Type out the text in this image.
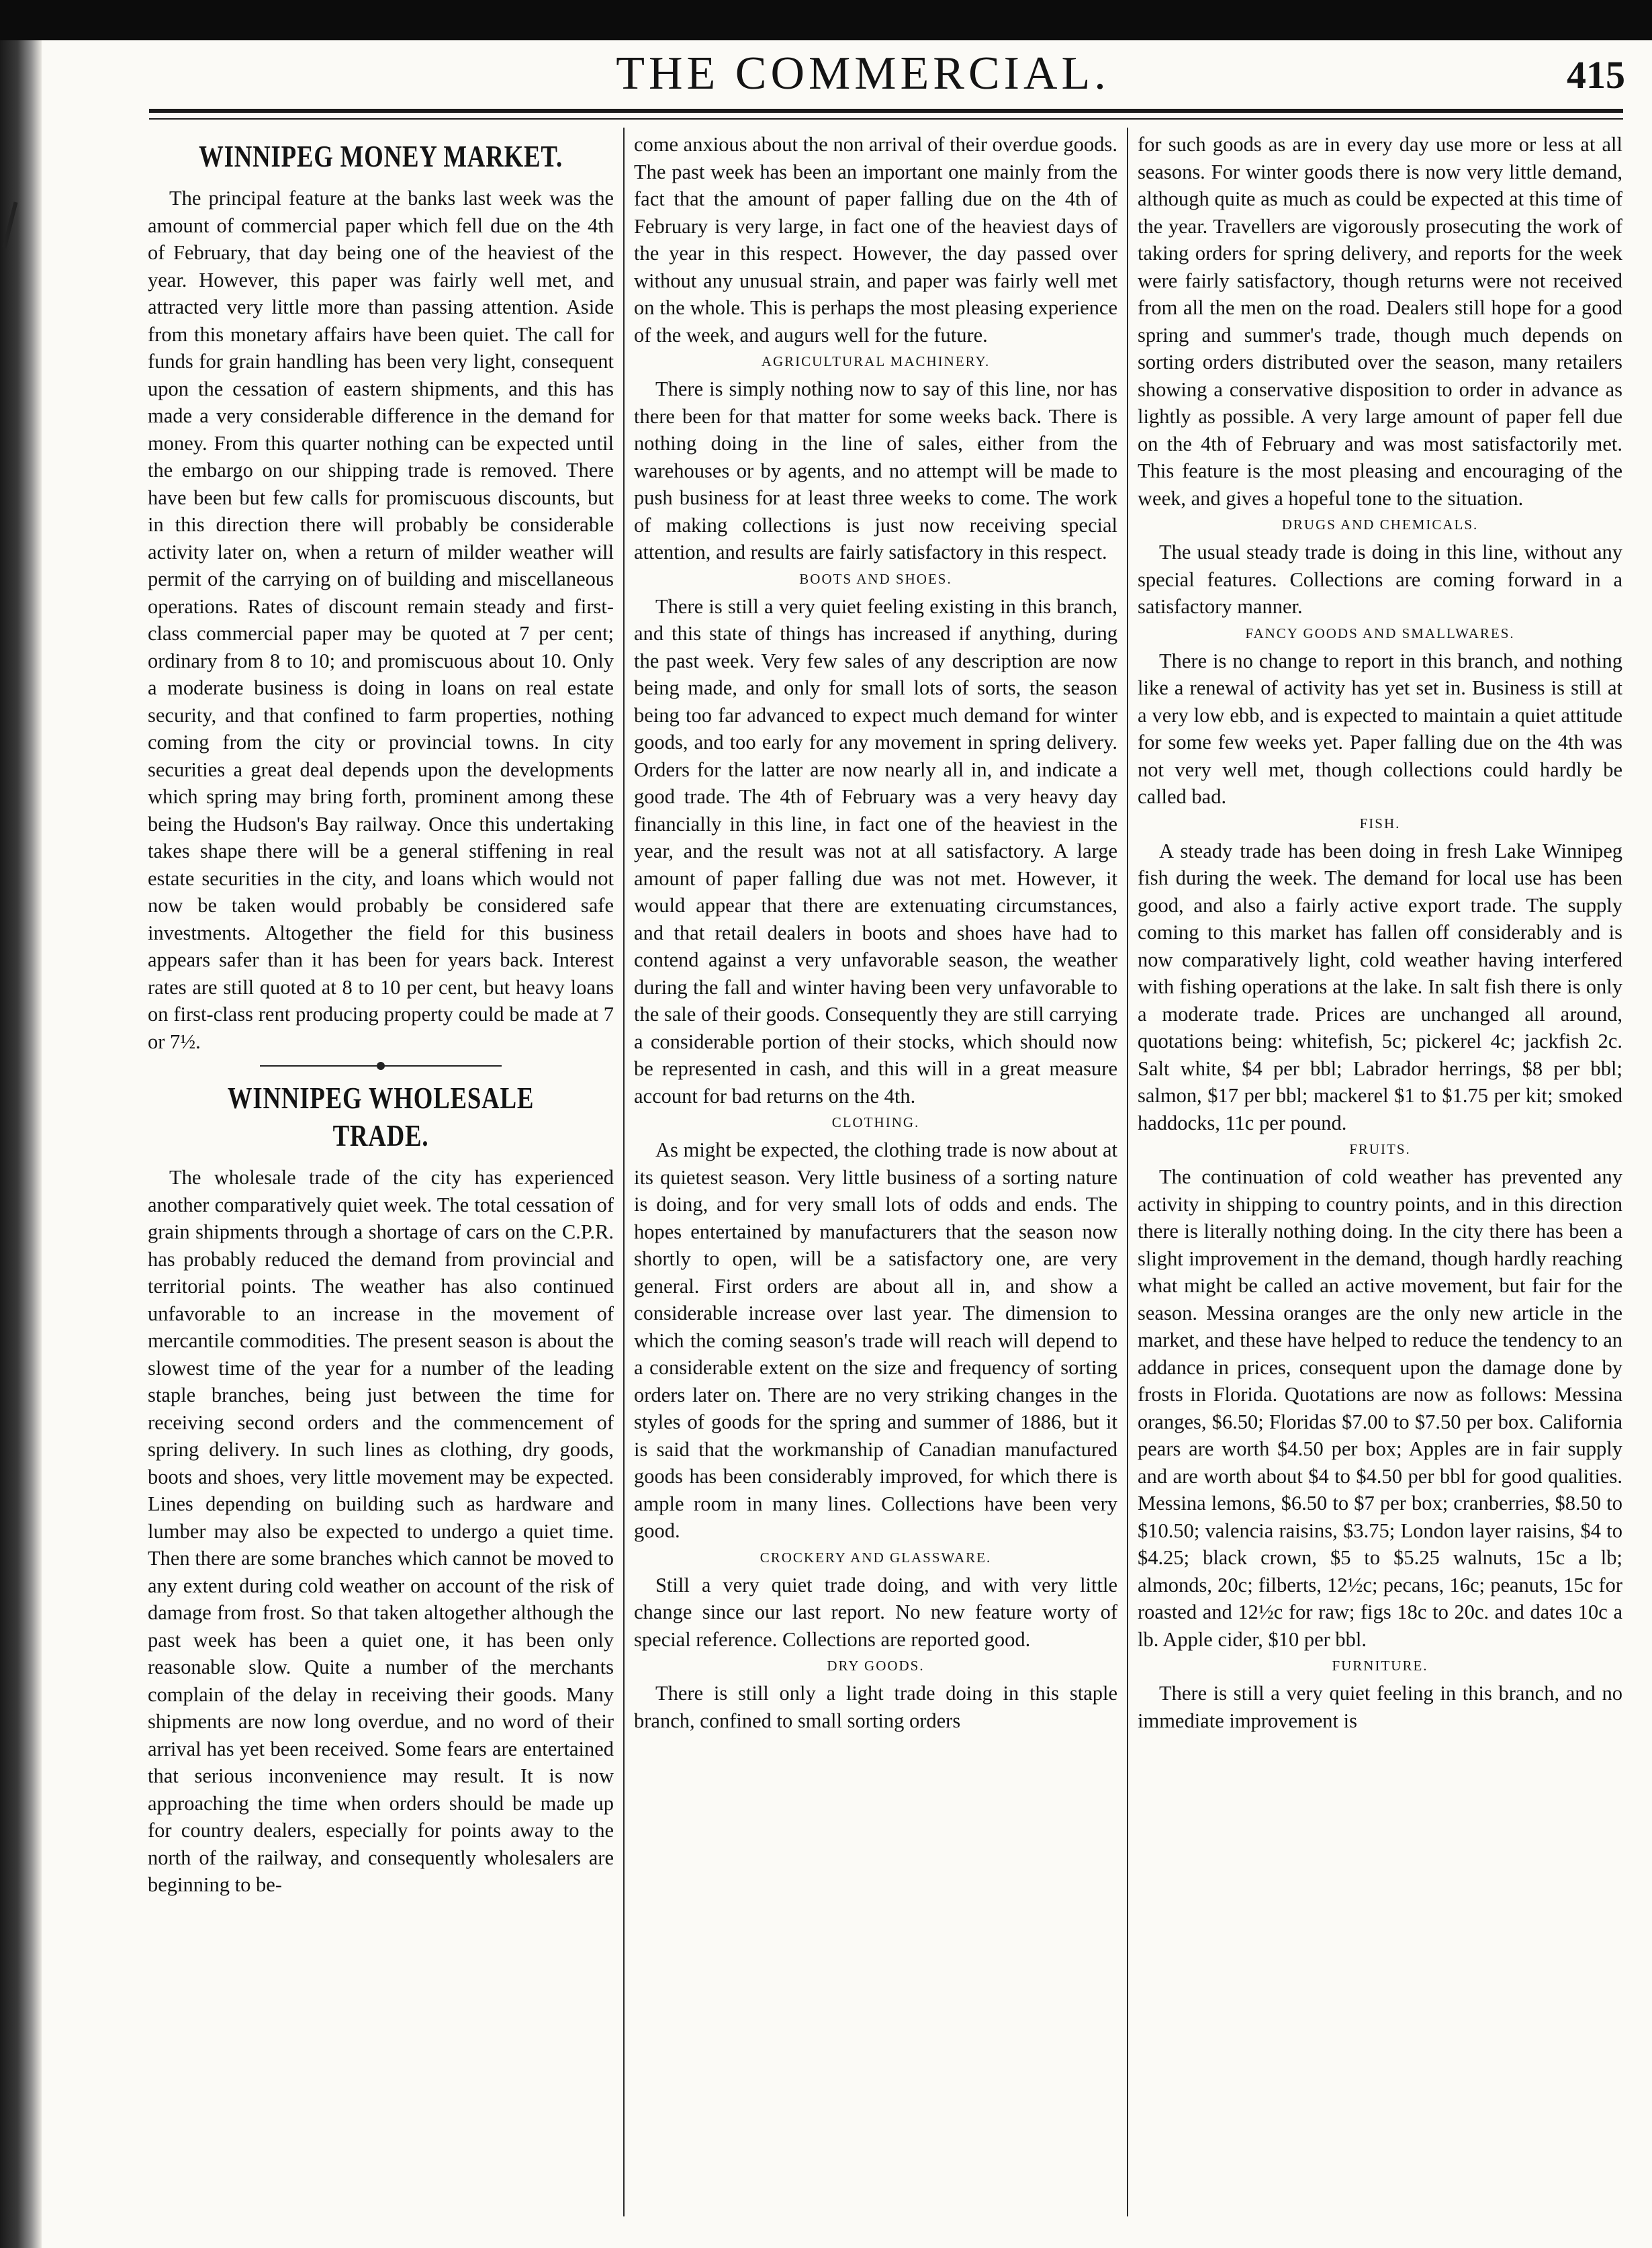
THE COMMERCIAL.	415
WINNIPEG MONEY MARKET.

The principal feature at the banks last week was the amount of commercial paper which fell due on the 4th of February, that day being one of the heaviest of the year. However, this paper was fairly well met, and attracted very little more than passing attention. Aside from this monetary affairs have been quiet. The call for funds for grain handling has been very light, consequent upon the cessation of eastern shipments, and this has made a very considerable difference in the demand for money. From this quarter nothing can be expected until the embargo on our shipping trade is removed. There have been but few calls for promiscuous discounts, but in this direction there will probably be considerable activity later on, when a return of milder weather will permit of the carrying on of building and miscellaneous operations. Rates of discount remain steady and first-class commercial paper may be quoted at 7 per cent; ordinary from 8 to 10; and promiscuous about 10. Only a moderate business is doing in loans on real estate security, and that confined to farm properties, nothing coming from the city or provincial towns. In city securities a great deal depends upon the developments which spring may bring forth, prominent among these being the Hudson's Bay railway. Once this undertaking takes shape there will be a general stiffening in real estate securities in the city, and loans which would not now be taken would probably be considered safe investments. Altogether the field for this business appears safer than it has been for years back. Interest rates are still quoted at 8 to 10 per cent, but heavy loans on first-class rent producing property could be made at 7 or 7½.

WINNIPEG WHOLESALE TRADE.

The wholesale trade of the city has experienced another comparatively quiet week. The total cessation of grain shipments through a shortage of cars on the C.P.R. has probably reduced the demand from provincial and territorial points. The weather has also continued unfavorable to an increase in the movement of mercantile commodities. The present season is about the slowest time of the year for a number of the leading staple branches, being just between the time for receiving second orders and the commencement of spring delivery. In such lines as clothing, dry goods, boots and shoes, very little movement may be expected. Lines depending on building such as hardware and lumber may also be expected to undergo a quiet time. Then there are some branches which cannot be moved to any extent during cold weather on account of the risk of damage from frost. So that taken altogether although the past week has been a quiet one, it has been only reasonable slow. Quite a number of the merchants complain of the delay in receiving their goods. Many shipments are now long overdue, and no word of their arrival has yet been received. Some fears are entertained that serious inconvenience may result. It is now approaching the time when orders should be made up for country dealers, especially for points away to the north of the railway, and consequently wholesalers are beginning to be-

come anxious about the non arrival of their overdue goods. The past week has been an important one mainly from the fact that the amount of paper falling due on the 4th of February is very large, in fact one of the heaviest days of the year in this respect. However, the day passed over without any unusual strain, and paper was fairly well met on the whole. This is perhaps the most pleasing experience of the week, and augurs well for the future.

AGRICULTURAL MACHINERY.

There is simply nothing now to say of this line, nor has there been for that matter for some weeks back. There is nothing doing in the line of sales, either from the warehouses or by agents, and no attempt will be made to push business for at least three weeks to come. The work of making collections is just now receiving special attention, and results are fairly satisfactory in this respect.

BOOTS AND SHOES.

There is still a very quiet feeling existing in this branch, and this state of things has increased if anything, during the past week. Very few sales of any description are now being made, and only for small lots of sorts, the season being too far advanced to expect much demand for winter goods, and too early for any movement in spring delivery. Orders for the latter are now nearly all in, and indicate a good trade. The 4th of February was a very heavy day financially in this line, in fact one of the heaviest in the year, and the result was not at all satisfactory. A large amount of paper falling due was not met. However, it would appear that there are extenuating circumstances, and that retail dealers in boots and shoes have had to contend against a very unfavorable season, the weather during the fall and winter having been very unfavorable to the sale of their goods. Consequently they are still carrying a considerable portion of their stocks, which should now be represented in cash, and this will in a great measure account for bad returns on the 4th.

CLOTHING.

As might be expected, the clothing trade is now about at its quietest season. Very little business of a sorting nature is doing, and for very small lots of odds and ends. The hopes entertained by manufacturers that the season now shortly to open, will be a satisfactory one, are very general. First orders are about all in, and show a considerable increase over last year. The dimension to which the coming season's trade will reach will depend to a considerable extent on the size and frequency of sorting orders later on. There are no very striking changes in the styles of goods for the spring and summer of 1886, but it is said that the workmanship of Canadian manufactured goods has been considerably improved, for which there is ample room in many lines. Collections have been very good.

CROCKERY AND GLASSWARE.

Still a very quiet trade doing, and with very little change since our last report. No new feature worty of special reference. Collections are reported good.

DRY GOODS.

There is still only a light trade doing in this staple branch, confined to small sorting orders

for such goods as are in every day use more or less at all seasons. For winter goods there is now very little demand, although quite as much as could be expected at this time of the year. Travellers are vigorously prosecuting the work of taking orders for spring delivery, and reports for the week were fairly satisfactory, though returns were not received from all the men on the road. Dealers still hope for a good spring and summer's trade, though much depends on sorting orders distributed over the season, many retailers showing a conservative disposition to order in advance as lightly as possible. A very large amount of paper fell due on the 4th of February and was most satisfactorily met. This feature is the most pleasing and encouraging of the week, and gives a hopeful tone to the situation.

DRUGS AND CHEMICALS.

The usual steady trade is doing in this line, without any special features. Collections are coming forward in a satisfactory manner.

FANCY GOODS AND SMALLWARES.

There is no change to report in this branch, and nothing like a renewal of activity has yet set in. Business is still at a very low ebb, and is expected to maintain a quiet attitude for some few weeks yet. Paper falling due on the 4th was not very well met, though collections could hardly be called bad.

FISH.

A steady trade has been doing in fresh Lake Winnipeg fish during the week. The demand for local use has been good, and also a fairly active export trade. The supply coming to this market has fallen off considerably and is now comparatively light, cold weather having interfered with fishing operations at the lake. In salt fish there is only a moderate trade. Prices are unchanged all around, quotations being: whitefish, 5c; pickerel 4c; jackfish 2c. Salt white, $4 per bbl; Labrador herrings, $8 per bbl; salmon, $17 per bbl; mackerel $1 to $1.75 per kit; smoked haddocks, 11c per pound.

FRUITS.

The continuation of cold weather has prevented any activity in shipping to country points, and in this direction there is literally nothing doing. In the city there has been a slight improvement in the demand, though hardly reaching what might be called an active movement, but fair for the season. Messina oranges are the only new article in the market, and these have helped to reduce the tendency to an addance in prices, consequent upon the damage done by frosts in Florida. Quotations are now as follows: Messina oranges, $6.50; Floridas $7.00 to $7.50 per box. California pears are worth $4.50 per box; Apples are in fair supply and are worth about $4 to $4.50 per bbl for good qualities. Messina lemons, $6.50 to $7 per box; cranberries, $8.50 to $10.50; valencia raisins, $3.75; London layer raisins, $4 to $4.25; black crown, $5 to $5.25 walnuts, 15c a lb; almonds, 20c; filberts, 12½c; pecans, 16c; peanuts, 15c for roasted and 12½c for raw; figs 18c to 20c. and dates 10c a lb. Apple cider, $10 per bbl.

FURNITURE.

There is still a very quiet feeling in this branch, and no immediate improvement is
